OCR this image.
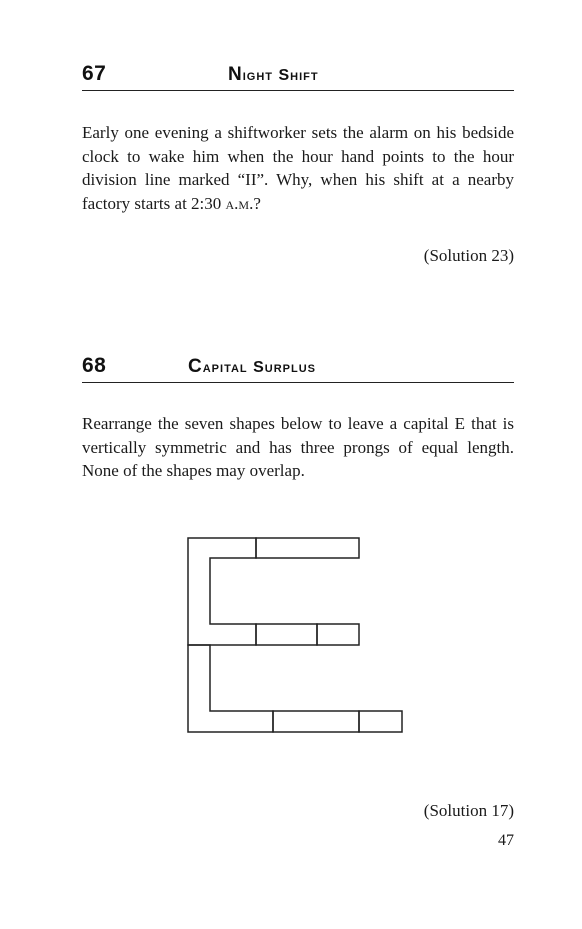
67	Night Shift

Early one evening a shiftworker sets the alarm on his bedside clock to wake him when the hour hand points to the hour division line marked “II”. Why, when his shift at a nearby factory starts at 2:30 a.m.?

(Solution 23)
68	Capital Surplus

Rearrange the seven shapes below to leave a capital E that is vertically symmetric and has three prongs of equal length. None of the shapes may overlap.

(Solution 17)
47
